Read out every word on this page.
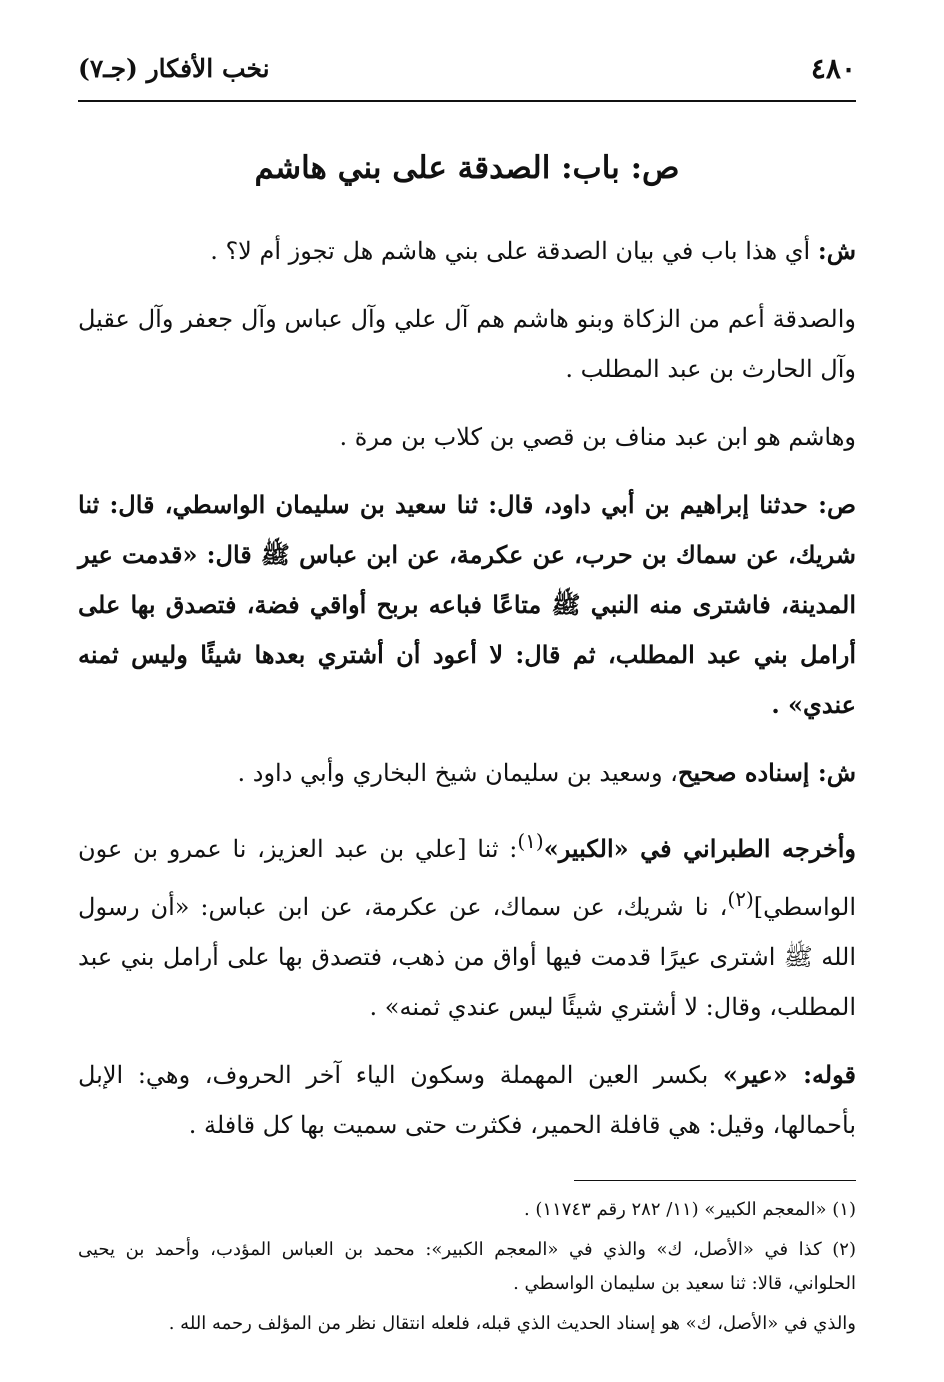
٤٨٠
نخب الأفكار (جـ٧)
ص: باب: الصدقة على بني هاشم

ش: أي هذا باب في بيان الصدقة على بني هاشم هل تجوز أم لا؟ .

والصدقة أعم من الزكاة وبنو هاشم هم آل علي وآل عباس وآل جعفر وآل عقيل وآل الحارث بن عبد المطلب .

وهاشم هو ابن عبد مناف بن قصي بن كلاب بن مرة .

ص: حدثنا إبراهيم بن أبي داود، قال: ثنا سعيد بن سليمان الواسطي، قال: ثنا شريك، عن سماك بن حرب، عن عكرمة، عن ابن عباس ﷺ قال: «قدمت عير المدينة، فاشترى منه النبي ﷺ متاعًا فباعه بربح أواقي فضة، فتصدق بها على أرامل بني عبد المطلب، ثم قال: لا أعود أن أشتري بعدها شيئًا وليس ثمنه عندي» .

ش: إسناده صحيح، وسعيد بن سليمان شيخ البخاري وأبي داود .

وأخرجه الطبراني في «الكبير»$^{(١)}$: ثنا [علي بن عبد العزيز، نا عمرو بن عون الواسطي]$^{(٢)}$، نا شريك، عن سماك، عن عكرمة، عن ابن عباس: «أن رسول الله ﷺ اشترى عيرًا قدمت فيها أواق من ذهب، فتصدق بها على أرامل بني عبد المطلب، وقال: لا أشتري شيئًا ليس عندي ثمنه» .

قوله: «عير» بكسر العين المهملة وسكون الياء آخر الحروف، وهي: الإبل بأحمالها، وقيل: هي قافلة الحمير، فكثرت حتى سميت بها كل قافلة .

(١) «المعجم الكبير» (١١/ ٢٨٢ رقم ١١٧٤٣) .

(٢) كذا في «الأصل، ك» والذي في «المعجم الكبير»: محمد بن العباس المؤدب، وأحمد بن يحيى الحلواني، قالا: ثنا سعيد بن سليمان الواسطي .

والذي في «الأصل، ك» هو إسناد الحديث الذي قبله، فلعله انتقال نظر من المؤلف رحمه الله .
